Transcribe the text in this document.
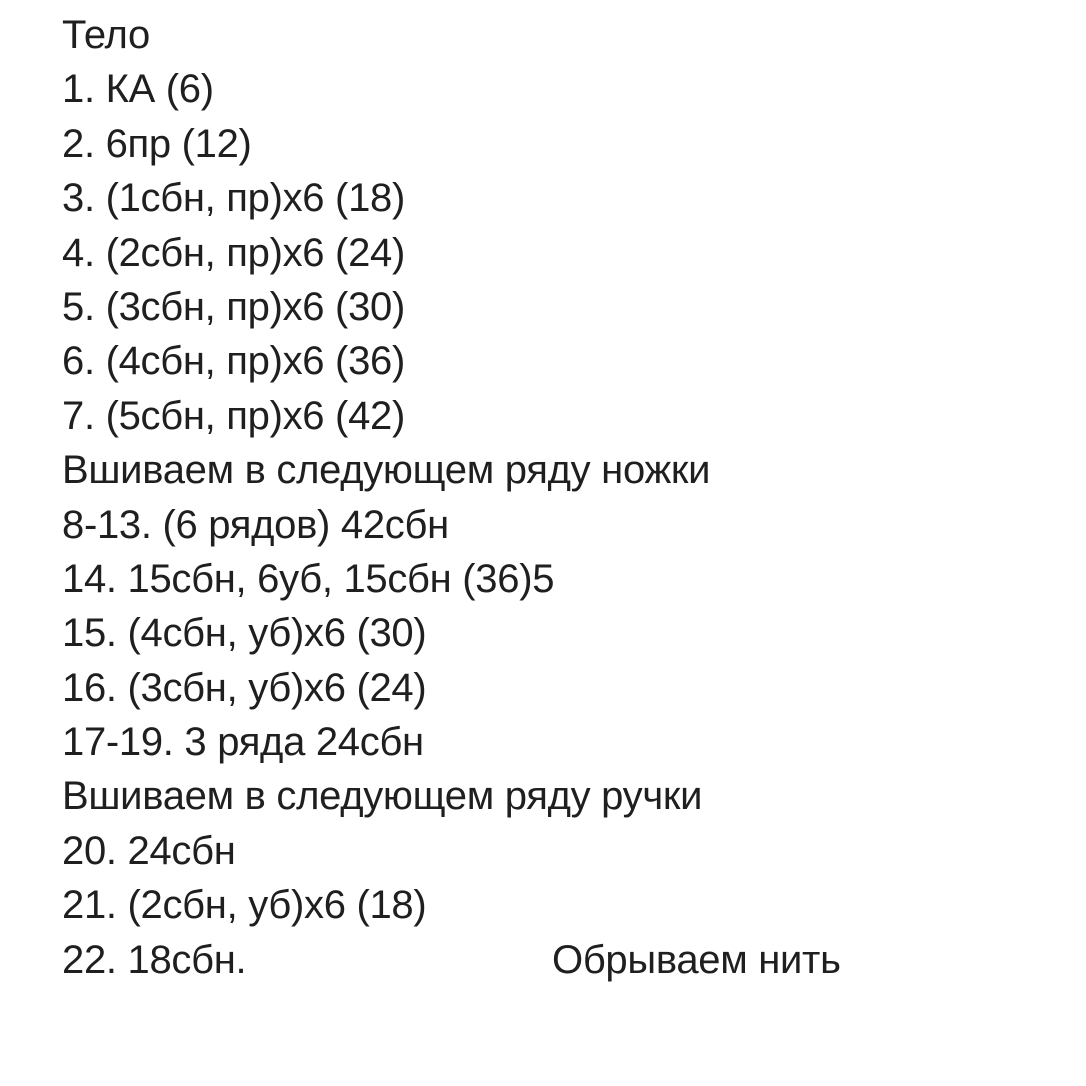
Тело
1. КА (6)
2. 6пр (12)
3. (1сбн, пр)х6 (18)
4. (2сбн, пр)х6 (24)
5. (3сбн, пр)х6 (30)
6. (4сбн, пр)х6 (36)
7. (5сбн, пр)х6 (42)
Вшиваем в следующем ряду ножки
8-13. (6 рядов) 42сбн
14. 15сбн, 6уб, 15сбн (36)5
15. (4сбн, уб)х6 (30)
16. (3сбн, уб)х6 (24)
17-19. 3 ряда 24сбн
Вшиваем в следующем ряду ручки
20. 24сбн
21. (2сбн, уб)х6 (18)
22. 18сбн.	Обрываем нить
